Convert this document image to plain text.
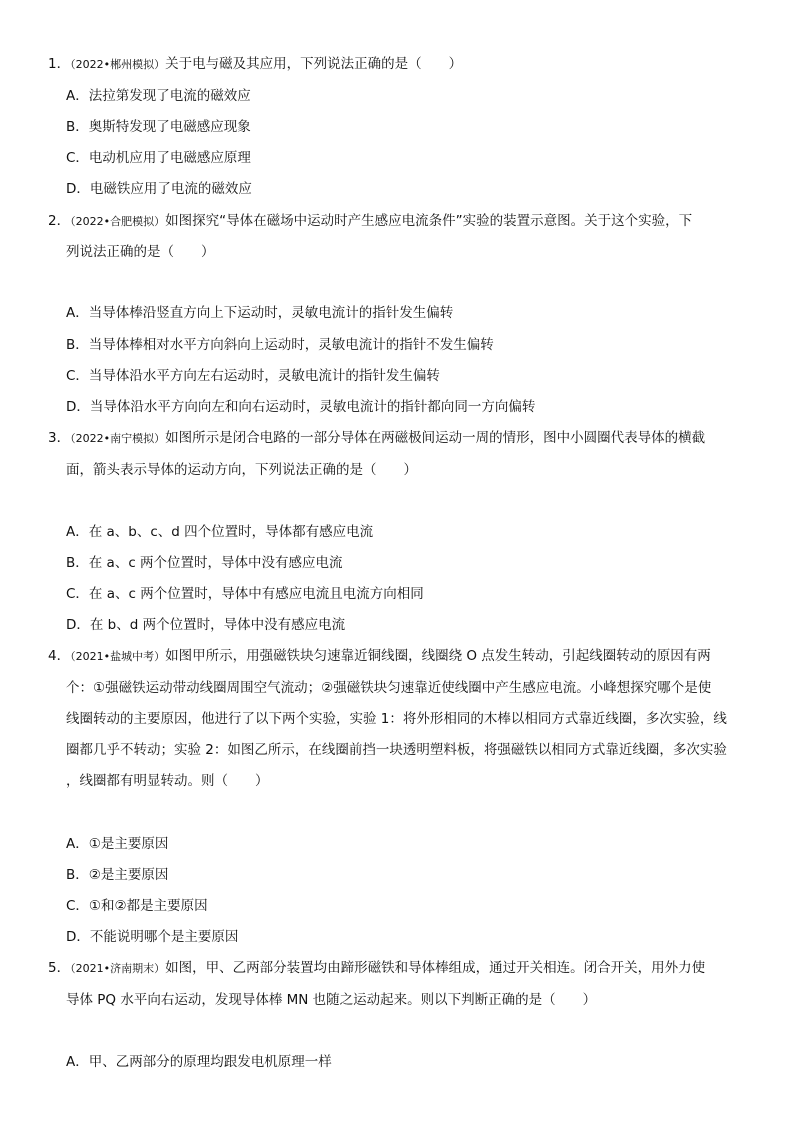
1．（2022•郴州模拟）关于电与磁及其应用，下列说法正确的是（　　）
A．法拉第发现了电流的磁效应
B．奥斯特发现了电磁感应现象
C．电动机应用了电磁感应原理
D．电磁铁应用了电流的磁效应
2．（2022•合肥模拟）如图探究“导体在磁场中运动时产生感应电流条件”实验的装置示意图。关于这个实验，下
列说法正确的是（　　）
A．当导体棒沿竖直方向上下运动时，灵敏电流计的指针发生偏转
B．当导体棒相对水平方向斜向上运动时，灵敏电流计的指针不发生偏转
C．当导体沿水平方向左右运动时，灵敏电流计的指针发生偏转
D．当导体沿水平方向向左和向右运动时，灵敏电流计的指针都向同一方向偏转
3．（2022•南宁模拟）如图所示是闭合电路的一部分导体在两磁极间运动一周的情形，图中小圆圈代表导体的横截
面，箭头表示导体的运动方向，下列说法正确的是（　　）
A．在 a、b、c、d 四个位置时，导体都有感应电流
B．在 a、c 两个位置时，导体中没有感应电流
C．在 a、c 两个位置时，导体中有感应电流且电流方向相同
D．在 b、d 两个位置时，导体中没有感应电流
4．（2021•盐城中考）如图甲所示，用强磁铁块匀速靠近铜线圈，线圈绕 O 点发生转动，引起线圈转动的原因有两
个：①强磁铁运动带动线圈周围空气流动；②强磁铁块匀速靠近使线圈中产生感应电流。小峰想探究哪个是使
线圈转动的主要原因，他进行了以下两个实验，实验 1：将外形相同的木棒以相同方式靠近线圈，多次实验，线
圈都几乎不转动；实验 2：如图乙所示，在线圈前挡一块透明塑料板，将强磁铁以相同方式靠近线圈，多次实验
，线圈都有明显转动。则（　　）
A．①是主要原因
B．②是主要原因
C．①和②都是主要原因
D．不能说明哪个是主要原因
5．（2021•济南期末）如图，甲、乙两部分装置均由蹄形磁铁和导体棒组成，通过开关相连。闭合开关，用外力使
导体 PQ 水平向右运动，发现导体棒 MN 也随之运动起来。则以下判断正确的是（　　）
A．甲、乙两部分的原理均跟发电机原理一样
